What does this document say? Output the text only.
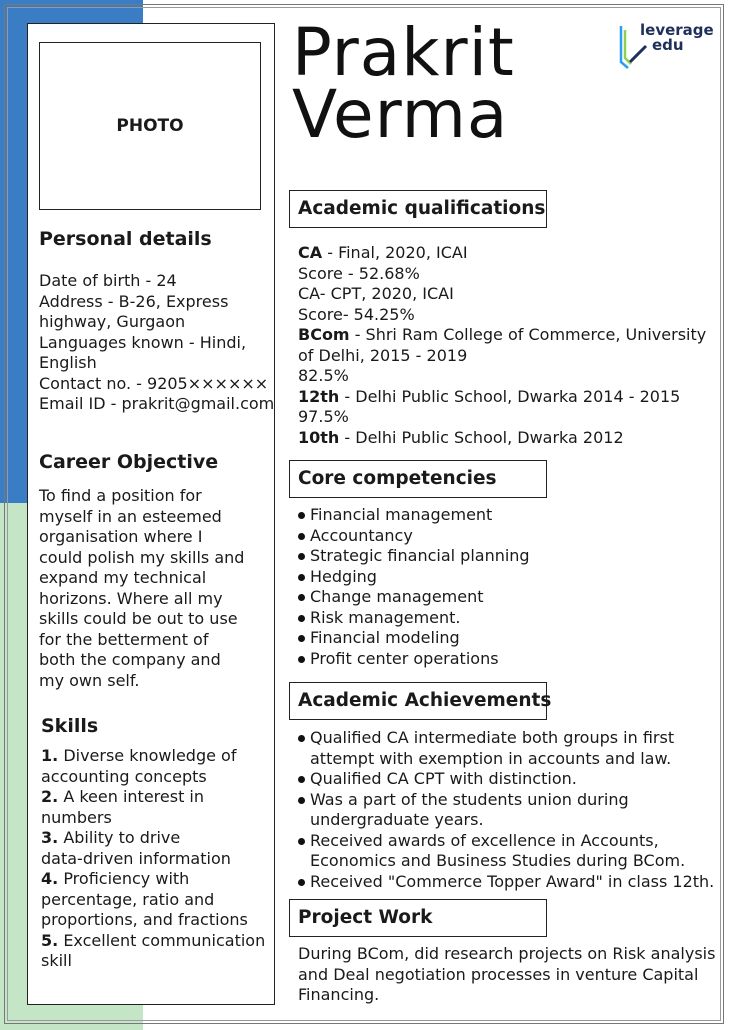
PHOTO
Personal details
Date of birth - 24
Address - B-26, Express
highway, Gurgaon
Languages known - Hindi,
English
Contact no. - 9205××××××
Email ID - prakrit@gmail.com
Career Objective
To find a position for
myself in an esteemed
organisation where I
could polish my skills and
expand my technical
horizons. Where all my
skills could be out to use
for the betterment of
both the company and
my own self.
Skills
1. Diverse knowledge of
accounting concepts
2. A keen interest in
numbers
3. Ability to drive
data-driven information
4. Proficiency with
percentage, ratio and
proportions, and fractions
5. Excellent communication
skill
Prakrit
Verma
leverage
edu
Academic qualifications
CA - Final, 2020, ICAI
Score - 52.68%
CA- CPT, 2020, ICAI
Score- 54.25%
BCom - Shri Ram College of Commerce, University
of Delhi, 2015 - 2019
82.5%
12th - Delhi Public School, Dwarka 2014 - 2015
97.5%
10th - Delhi Public School, Dwarka 2012
Core competencies
Financial management
Accountancy
Strategic financial planning
Hedging
Change management
Risk management.
Financial modeling
Profit center operations
Academic Achievements
Qualified CA intermediate both groups in first
attempt with exemption in accounts and law.
Qualified CA CPT with distinction.
Was a part of the students union during
undergraduate years.
Received awards of excellence in Accounts,
Economics and Business Studies during BCom.
Received "Commerce Topper Award" in class 12th.
Project Work
During BCom, did research projects on Risk analysis
and Deal negotiation processes in venture Capital
Financing.
